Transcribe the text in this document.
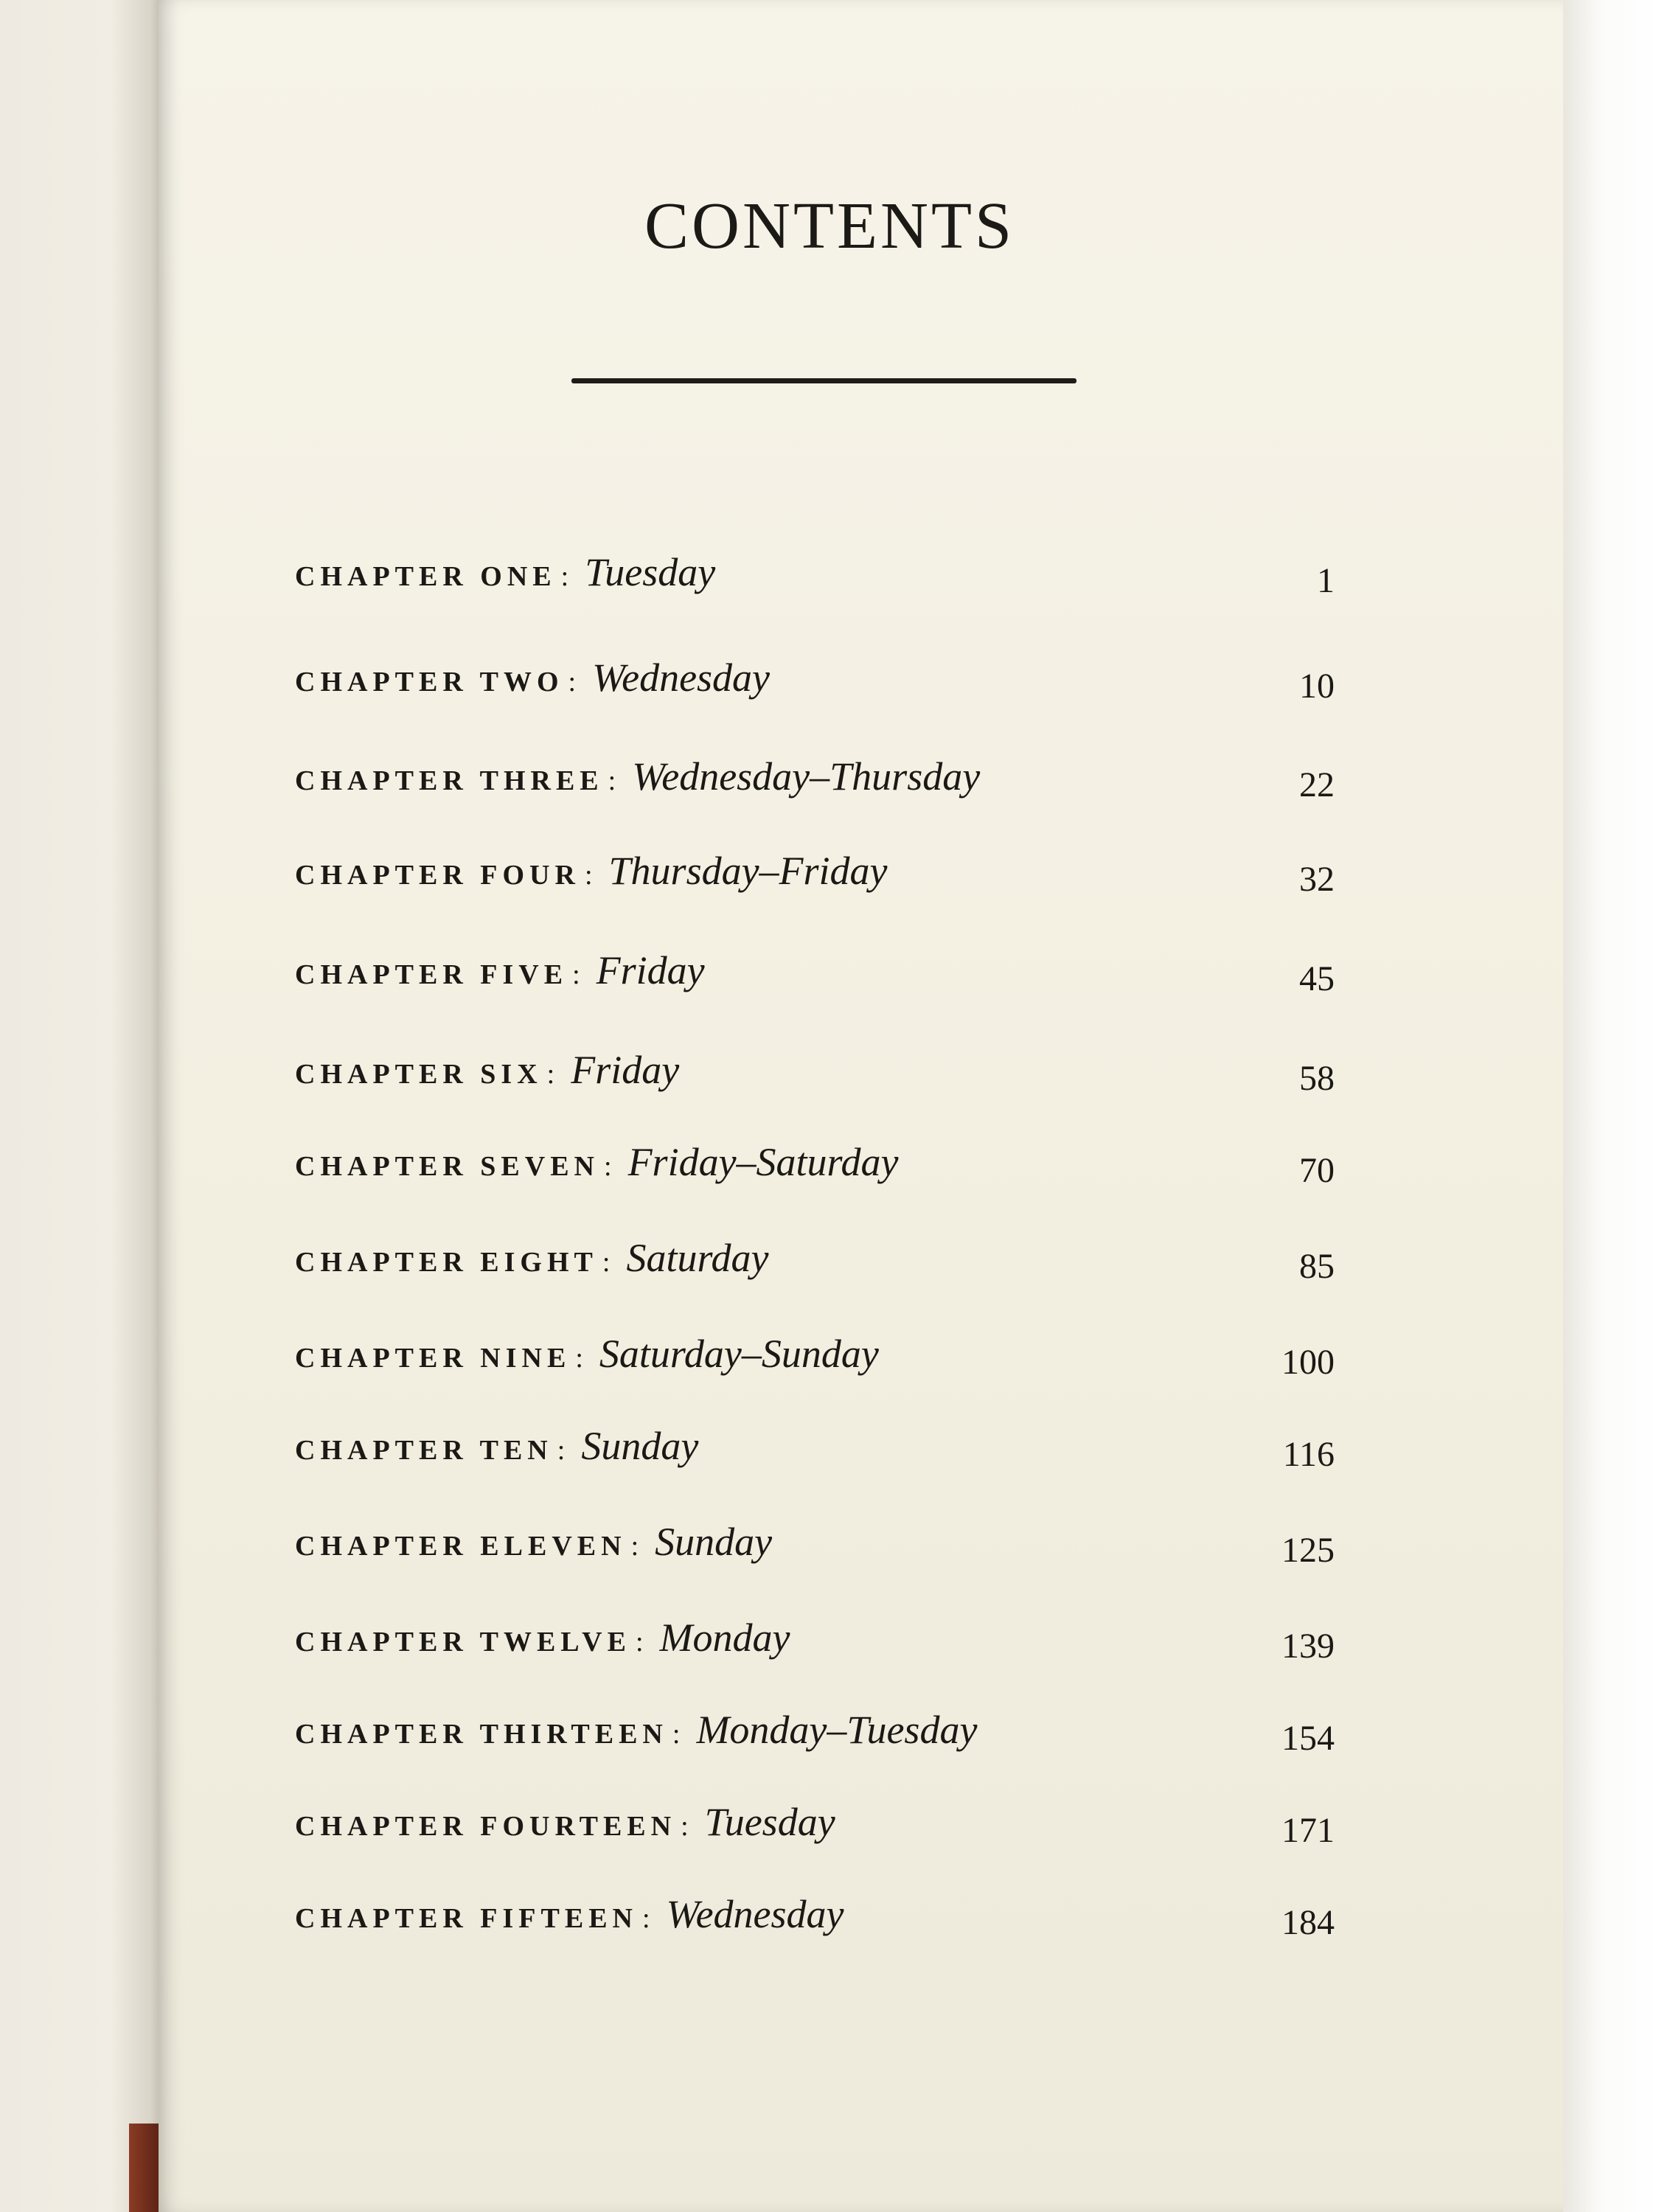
CONTENTS
CHAPTER ONE : Tuesday	1
CHAPTER TWO : Wednesday	10
CHAPTER THREE : Wednesday–Thursday	22
CHAPTER FOUR : Thursday–Friday	32
CHAPTER FIVE : Friday	45
CHAPTER SIX : Friday	58
CHAPTER SEVEN : Friday–Saturday	70
CHAPTER EIGHT : Saturday	85
CHAPTER NINE : Saturday–Sunday	100
CHAPTER TEN : Sunday	116
CHAPTER ELEVEN : Sunday	125
CHAPTER TWELVE : Monday	139
CHAPTER THIRTEEN : Monday–Tuesday	154
CHAPTER FOURTEEN : Tuesday	171
CHAPTER FIFTEEN : Wednesday	184
